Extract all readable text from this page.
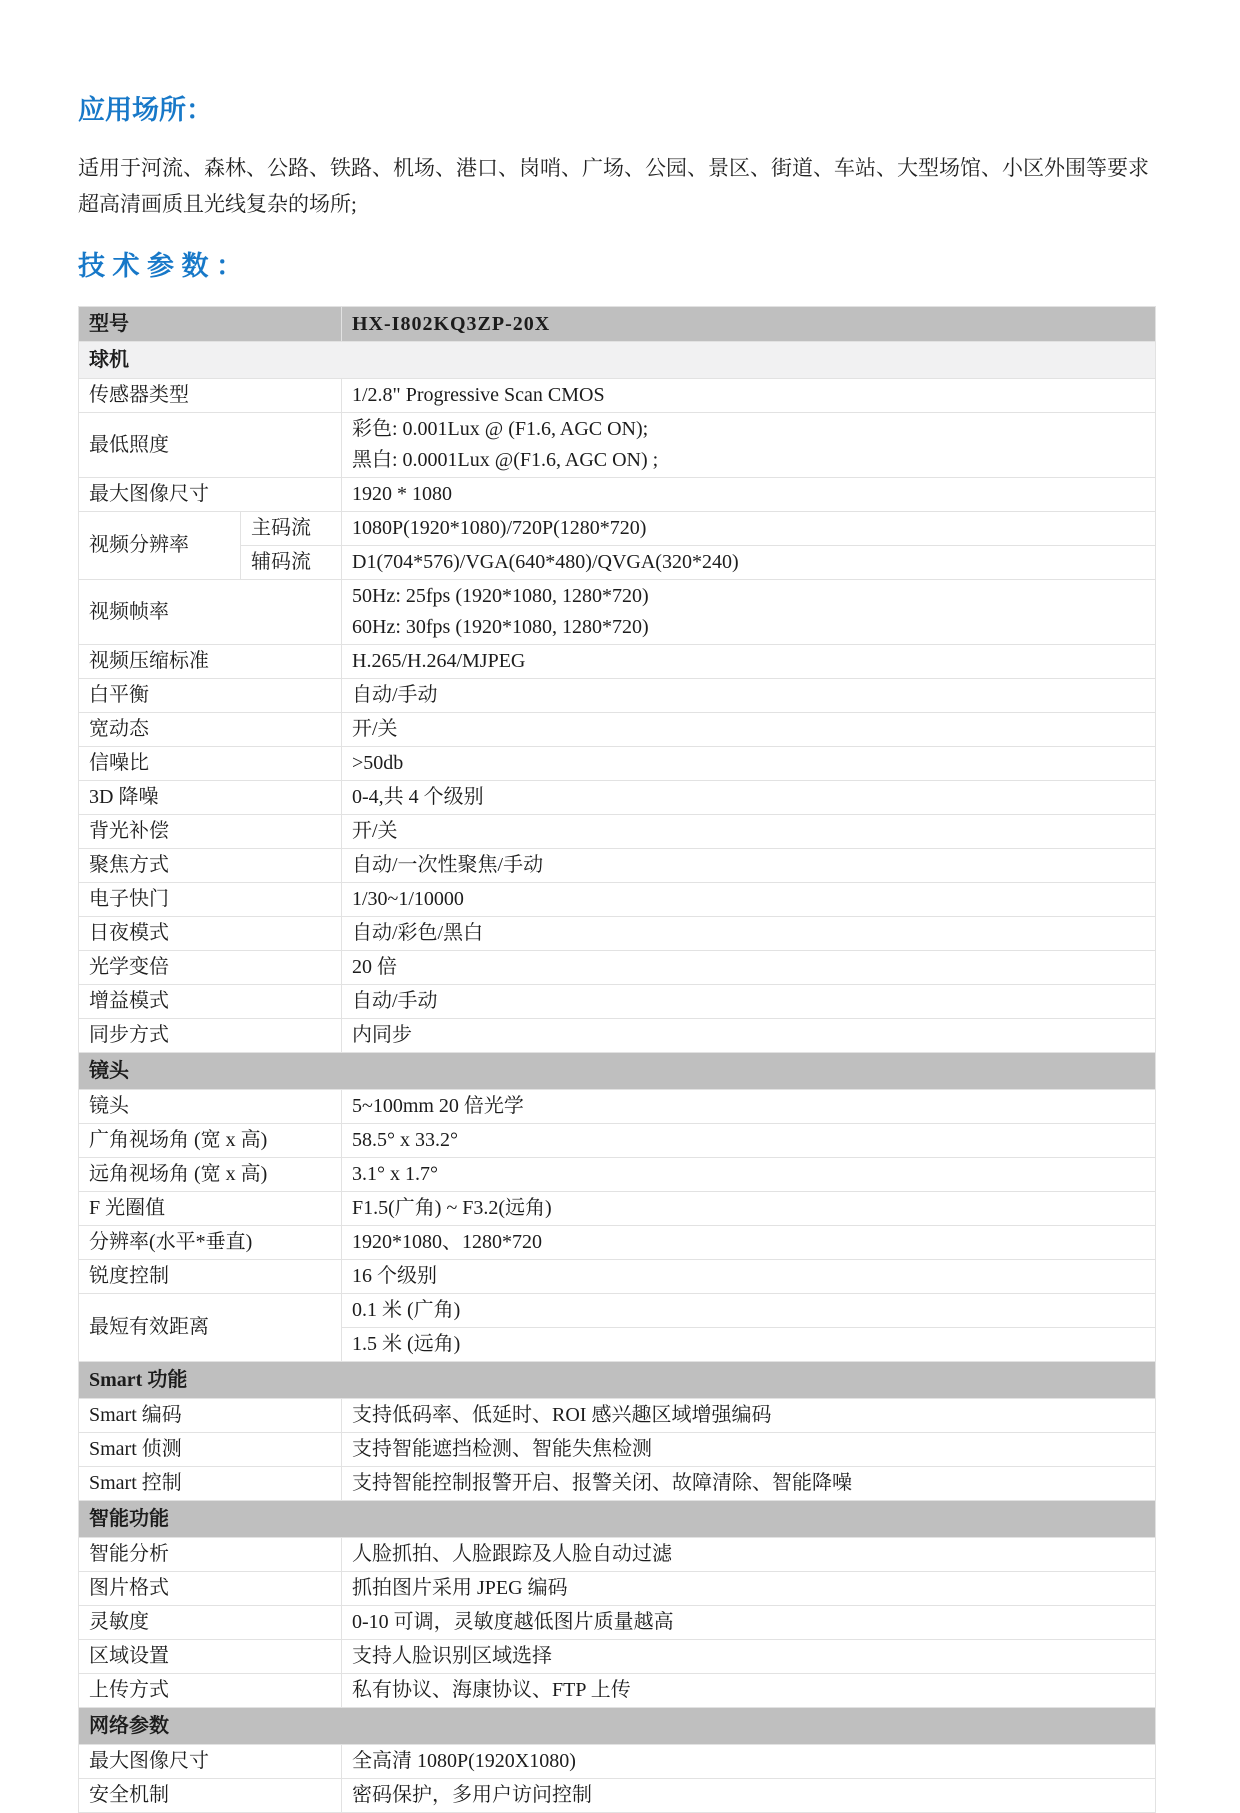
应用场所：

适用于河流、森林、公路、铁路、机场、港口、岗哨、广场、公园、景区、街道、车站、大型场馆、小区外围等要求超高清画质且光线复杂的场所;

技 术 参 数 ：
型号		HX-I802KQ3ZP-20X
球机		
传感器类型		1/2.8" Progressive Scan CMOS

最低照度		彩色: 0.001Lux @ (F1.6, AGC ON);
黑白: 0.0001Lux @(F1.6, AGC ON) ;

最大图像尺寸		1920 * 1080

视频分辨率	主码流	1080P(1920*1080)/720P(1280*720)
	辅码流	D1(704*576)/VGA(640*480)/QVGA(320*240)
视频帧率		50Hz: 25fps (1920*1080, 1280*720)
60Hz: 30fps (1920*1080, 1280*720)

视频压缩标准		H.265/H.264/MJPEG

白平衡		自动/手动

宽动态		开/关

信噪比		>50db

3D 降噪		0-4,共 4 个级别

背光补偿		开/关

聚焦方式		自动/一次性聚焦/手动

电子快门		1/30~1/10000

日夜模式		自动/彩色/黑白

光学变倍		20 倍

增益模式		自动/手动

同步方式		内同步

镜头		
镜头		5~100mm 20 倍光学

广角视场角 (宽 x 高)		58.5° x 33.2°

远角视场角 (宽 x 高)		3.1° x 1.7°

F 光圈值		F1.5(广角) ~ F3.2(远角)

分辨率(水平*垂直)		1920*1080、1280*720

锐度控制		16 个级别

最短有效距离		0.1 米 (广角)
		1.5 米 (远角)
Smart 功能		
Smart 编码		支持低码率、低延时、ROI 感兴趣区域增强编码

Smart 侦测		支持智能遮挡检测、智能失焦检测

Smart 控制		支持智能控制报警开启、报警关闭、故障清除、智能降噪

智能功能		
智能分析		人脸抓拍、人脸跟踪及人脸自动过滤

图片格式		抓拍图片采用 JPEG 编码

灵敏度		0-10 可调，灵敏度越低图片质量越高

区域设置		支持人脸识别区域选择

上传方式		私有协议、海康协议、FTP 上传

网络参数		
最大图像尺寸		全高清 1080P(1920X1080)

安全机制		密码保护，多用户访问控制
